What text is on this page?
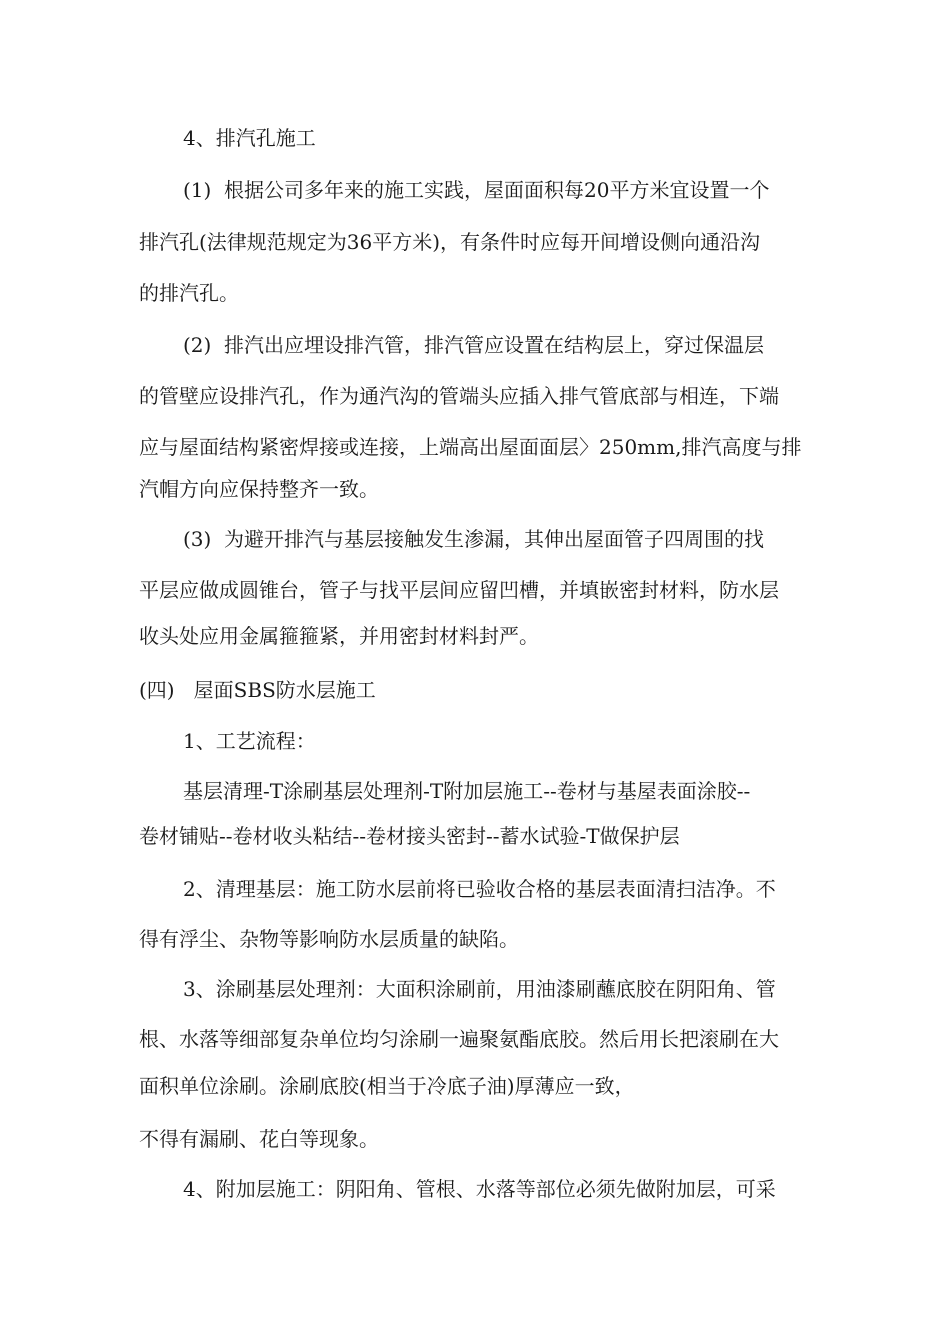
4、排汽孔施工

(1)  根据公司多年来的施工实践，屋面面积每20平方米宜设置一个

排汽孔(法律规范规定为36平方米)，有条件时应每开间增设侧向通沿沟

的排汽孔。

(2)  排汽出应埋设排汽管，排汽管应设置在结构层上，穿过保温层

的管壁应设排汽孔，作为通汽沟的管端头应插入排气管底部与相连，下端

应与屋面结构紧密焊接或连接，上端高出屋面面层〉250mm,排汽高度与排

汽帽方向应保持整齐一致。

(3)  为避开排汽与基层接触发生渗漏，其伸出屋面管子四周围的找

平层应做成圆锥台，管子与找平层间应留凹槽，并填嵌密封材料，防水层

收头处应用金属箍箍紧，并用密封材料封严。

(四)   屋面SBS防水层施工

1、工艺流程：

基层清理-T涂刷基层处理剂-T附加层施工--卷材与基屋表面涂胶--

卷材铺贴--卷材收头粘结--卷材接头密封--蓄水试验-T做保护层

2、清理基层：施工防水层前将已验收合格的基层表面清扫洁净。不

得有浮尘、杂物等影响防水层质量的缺陷。

3、涂刷基层处理剂：大面积涂刷前，用油漆刷蘸底胶在阴阳角、管

根、水落等细部复杂单位均匀涂刷一遍聚氨酯底胶。然后用长把滚刷在大

面积单位涂刷。涂刷底胶(相当于冷底子油)厚薄应一致，

不得有漏刷、花白等现象。

4、附加层施工：阴阳角、管根、水落等部位必须先做附加层，可采
